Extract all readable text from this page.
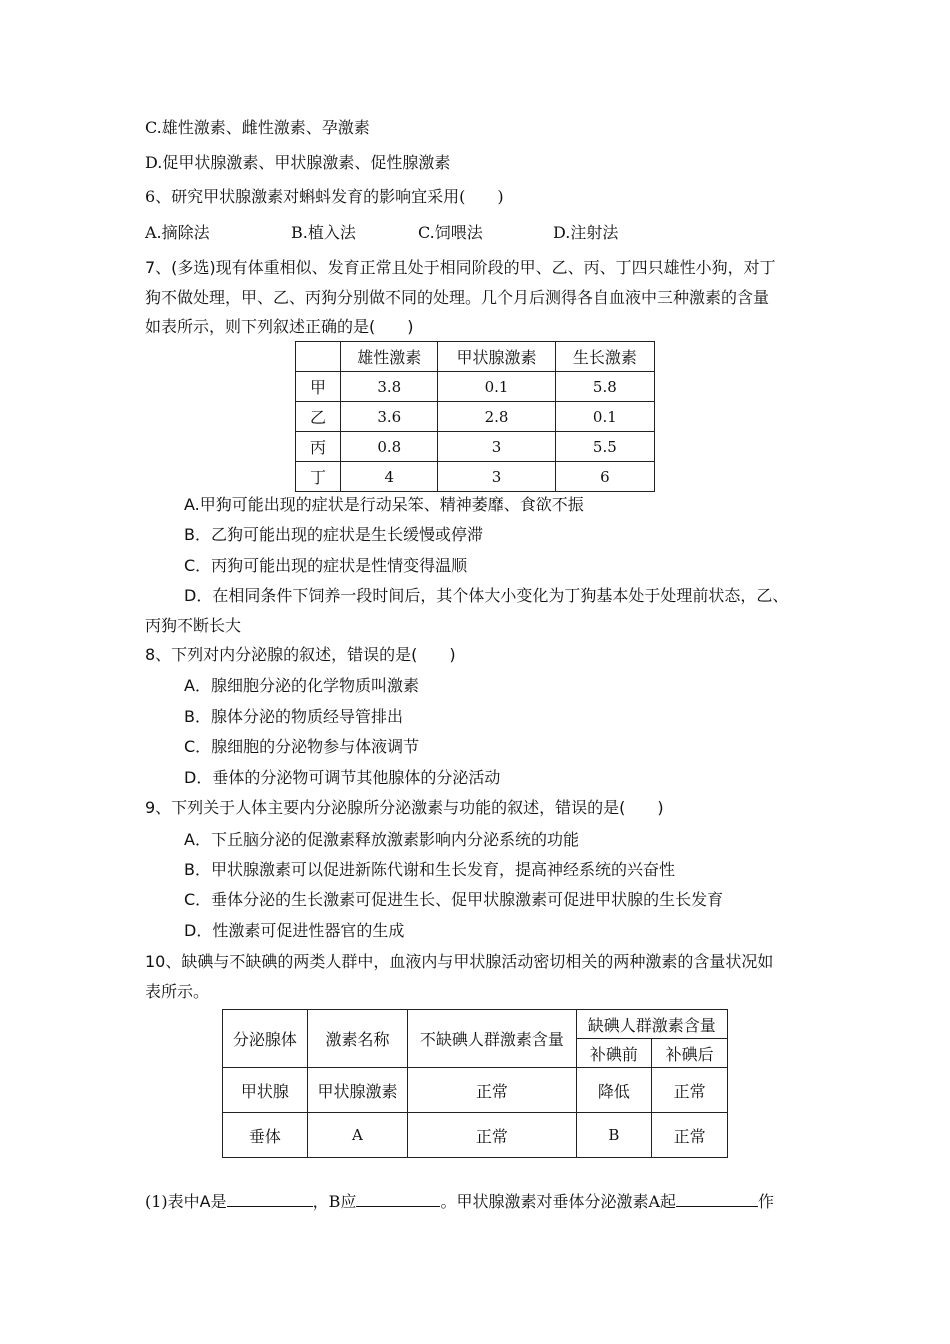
C.雄性激素、雌性激素、孕激素
D.促甲状腺激素、甲状腺激素、促性腺激素
6、研究甲状腺激素对蝌蚪发育的影响宜采用(　　)
A.摘除法	B.植入法	C.饲喂法	D.注射法
7、(多选)现有体重相似、发育正常且处于相同阶段的甲、乙、丙、丁四只雄性小狗，对丁
狗不做处理，甲、乙、丙狗分别做不同的处理。几个月后测得各自血液中三种激素的含量
如表所示，则下列叙述正确的是(　　)
	雄性激素	甲状腺激素	生长激素
甲	3.8	0.1	5.8
乙	3.6	2.8	0.1
丙	0.8	3	5.5
丁	4	3	6
A.甲狗可能出现的症状是行动呆笨、精神萎靡、食欲不振
B．乙狗可能出现的症状是生长缓慢或停滞
C．丙狗可能出现的症状是性情变得温顺
D．在相同条件下饲养一段时间后，其个体大小变化为丁狗基本处于处理前状态，乙、
丙狗不断长大
8、下列对内分泌腺的叙述，错误的是(　　)
A．腺细胞分泌的化学物质叫激素
B．腺体分泌的物质经导管排出
C．腺细胞的分泌物参与体液调节
D．垂体的分泌物可调节其他腺体的分泌活动
9、下列关于人体主要内分泌腺所分泌激素与功能的叙述，错误的是(　　)
A．下丘脑分泌的促激素释放激素影响内分泌系统的功能
B．甲状腺激素可以促进新陈代谢和生长发育，提高神经系统的兴奋性
C．垂体分泌的生长激素可促进生长、促甲状腺激素可促进甲状腺的生长发育
D．性激素可促进性器官的生成
10、缺碘与不缺碘的两类人群中，血液内与甲状腺活动密切相关的两种激素的含量状况如
表所示。
分泌腺体	激素名称	不缺碘人群激素含量	缺碘人群激素含量	
			补碘前	补碘后
甲状腺	甲状腺激素	正常	降低	正常
垂体	A	正常	B	正常
(1)表中A是	，B应	。甲状腺激素对垂体分泌激素A起	作
